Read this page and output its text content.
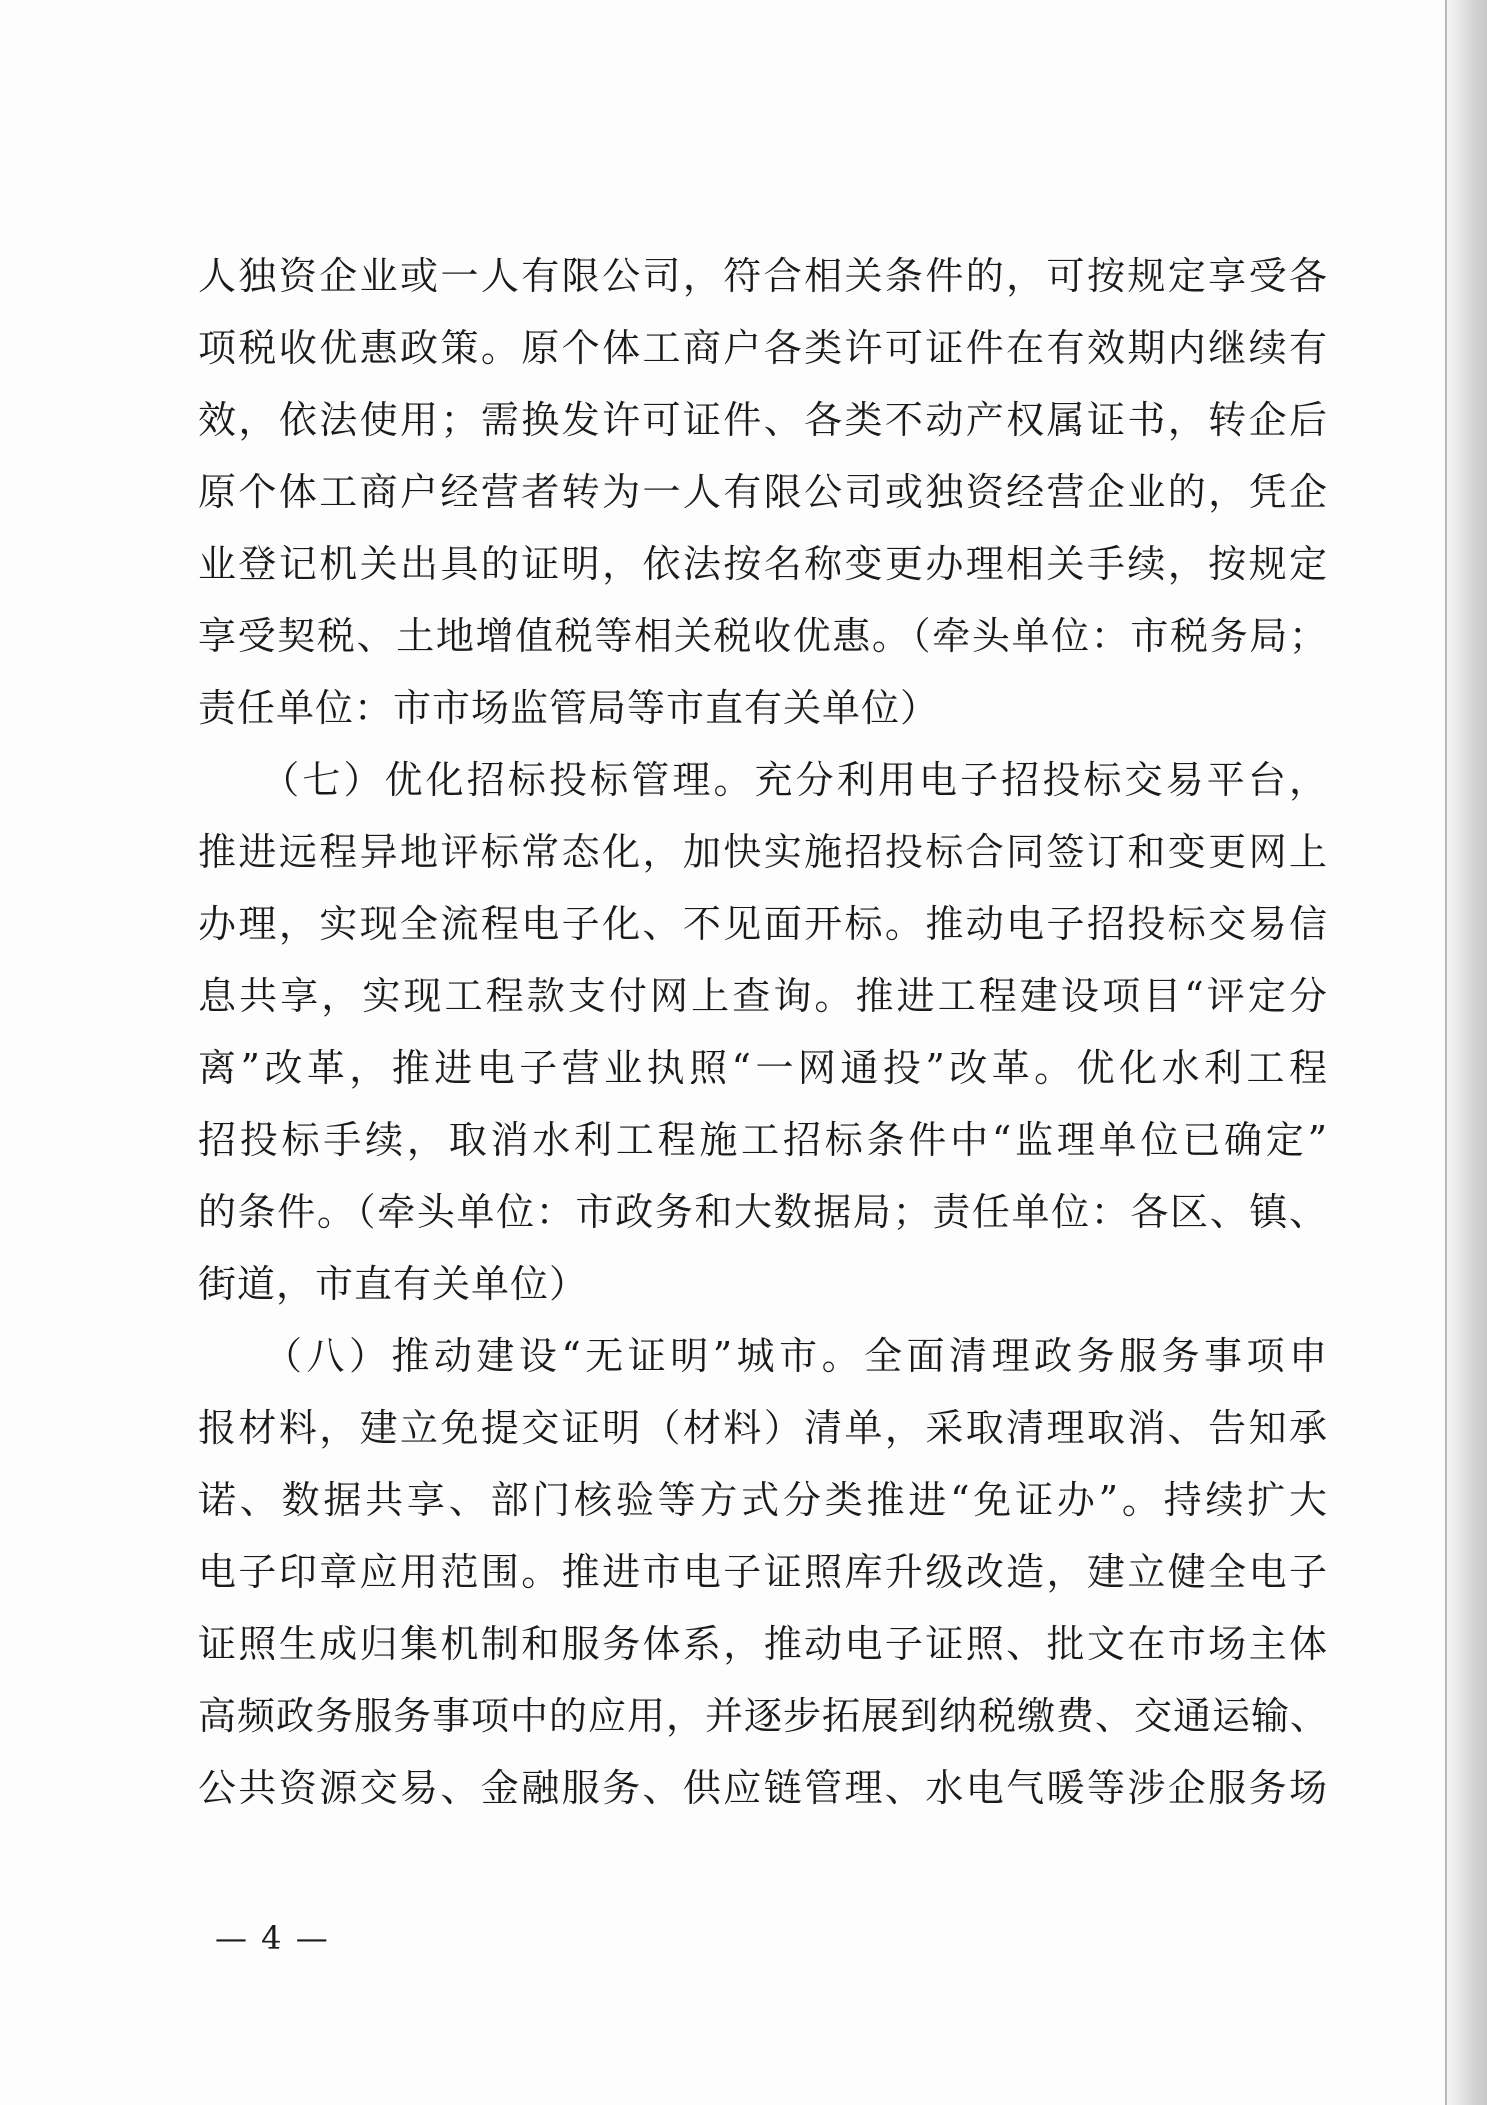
人独资企业或一人有限公司，符合相关条件的，可按规定享受各
项税收优惠政策。原个体工商户各类许可证件在有效期内继续有
效，依法使用；需换发许可证件、各类不动产权属证书，转企后
原个体工商户经营者转为一人有限公司或独资经营企业的，凭企
业登记机关出具的证明，依法按名称变更办理相关手续，按规定
享受契税、土地增值税等相关税收优惠。（牵头单位：市税务局；
责任单位：市市场监管局等市直有关单位）
　　（七）优化招标投标管理。充分利用电子招投标交易平台，
推进远程异地评标常态化，加快实施招投标合同签订和变更网上
办理，实现全流程电子化、不见面开标。推动电子招投标交易信
息共享，实现工程款支付网上查询。推进工程建设项目“评定分
离”改革，推进电子营业执照“一网通投”改革。优化水利工程
招投标手续，取消水利工程施工招标条件中“监理单位已确定”
的条件。（牵头单位：市政务和大数据局；责任单位：各区、镇、
街道，市直有关单位）
　　（八）推动建设“无证明”城市。全面清理政务服务事项申
报材料，建立免提交证明（材料）清单，采取清理取消、告知承
诺、数据共享、部门核验等方式分类推进“免证办”。持续扩大
电子印章应用范围。推进市电子证照库升级改造，建立健全电子
证照生成归集机制和服务体系，推动电子证照、批文在市场主体
高频政务服务事项中的应用，并逐步拓展到纳税缴费、交通运输、
公共资源交易、金融服务、供应链管理、水电气暖等涉企服务场
— 4 —
